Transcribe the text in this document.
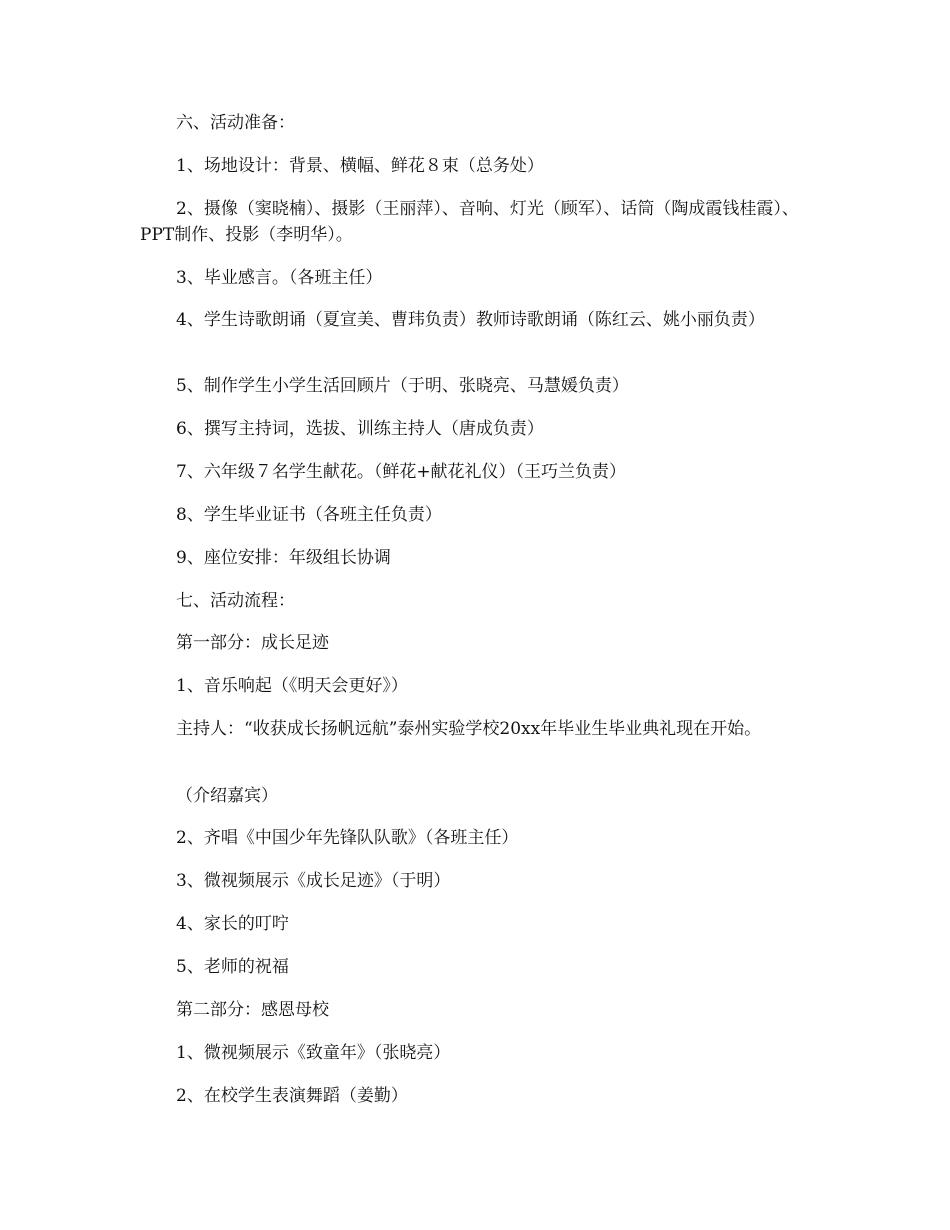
六、活动准备：

1、场地设计：背景、横幅、鲜花８束（总务处）

2、摄像（窦晓楠）、摄影（王丽萍）、音响、灯光（顾军）、话筒（陶成霞钱桂霞）、PPT制作、投影（李明华）。

3、毕业感言。（各班主任）

4、学生诗歌朗诵（夏宣美、曹玮负责）教师诗歌朗诵（陈红云、姚小丽负责）

5、制作学生小学生活回顾片（于明、张晓亮、马慧媛负责）

6、撰写主持词，选拔、训练主持人（唐成负责）

7、六年级７名学生献花。（鲜花+献花礼仪）（王巧兰负责）

8、学生毕业证书（各班主任负责）

9、座位安排：年级组长协调

七、活动流程：

第一部分：成长足迹

1、音乐响起（《明天会更好》）

主持人：“收获成长扬帆远航”泰州实验学校20xx年毕业生毕业典礼现在开始。

（介绍嘉宾）

2、齐唱《中国少年先锋队队歌》（各班主任）

3、微视频展示《成长足迹》（于明）

4、家长的叮咛

5、老师的祝福

第二部分：感恩母校

1、微视频展示《致童年》（张晓亮）

2、在校学生表演舞蹈（姜勤）
